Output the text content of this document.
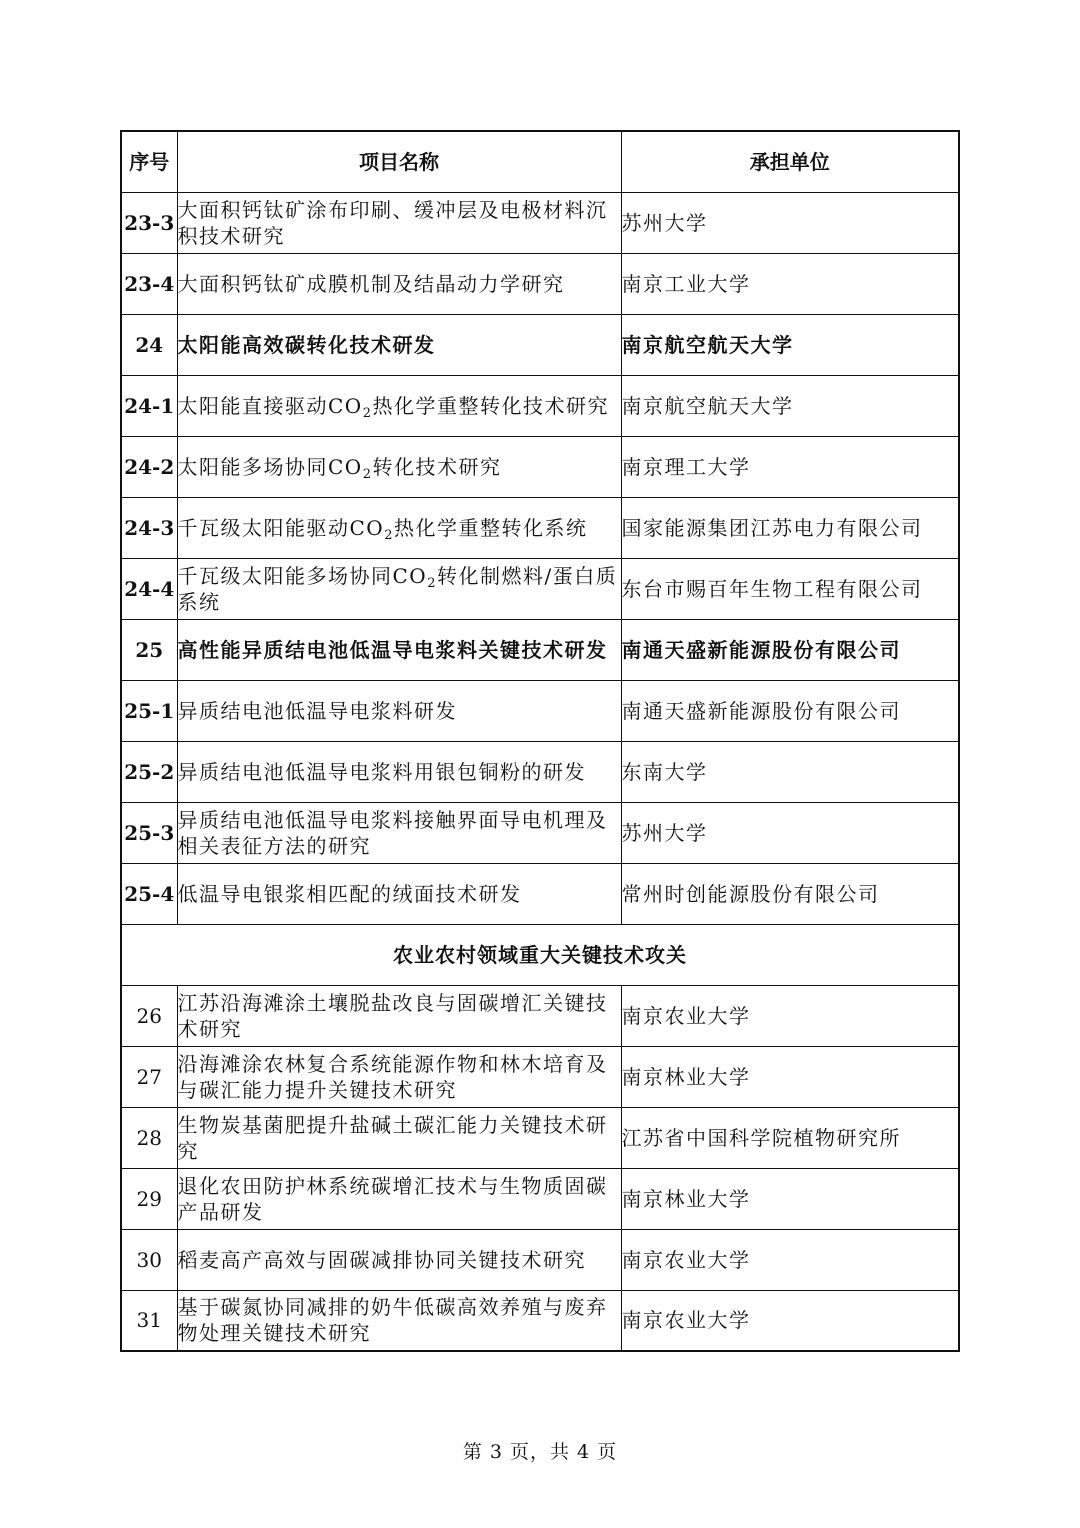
序号	项目名称	承担单位
23-3	大面积钙钛矿涂布印刷、缓冲层及电极材料沉积技术研究	苏州大学
23-4	大面积钙钛矿成膜机制及结晶动力学研究	南京工业大学
24	太阳能高效碳转化技术研发	南京航空航天大学
24-1	太阳能直接驱动$CO_2$热化学重整转化技术研究	南京航空航天大学
24-2	太阳能多场协同$CO_2$转化技术研究	南京理工大学
24-3	千瓦级太阳能驱动$CO_2$热化学重整转化系统	国家能源集团江苏电力有限公司
24-4	千瓦级太阳能多场协同$CO_2$转化制燃料/蛋白质系统	东台市赐百年生物工程有限公司
25	高性能异质结电池低温导电浆料关键技术研发	南通天盛新能源股份有限公司
25-1	异质结电池低温导电浆料研发	南通天盛新能源股份有限公司
25-2	异质结电池低温导电浆料用银包铜粉的研发	东南大学
25-3	异质结电池低温导电浆料接触界面导电机理及相关表征方法的研究	苏州大学
25-4	低温导电银浆相匹配的绒面技术研发	常州时创能源股份有限公司
农业农村领域重大关键技术攻关		
26	江苏沿海滩涂土壤脱盐改良与固碳增汇关键技术研究	南京农业大学
27	沿海滩涂农林复合系统能源作物和林木培育及与碳汇能力提升关键技术研究	南京林业大学
28	生物炭基菌肥提升盐碱土碳汇能力关键技术研究	江苏省中国科学院植物研究所
29	退化农田防护林系统碳增汇技术与生物质固碳产品研发	南京林业大学
30	稻麦高产高效与固碳减排协同关键技术研究	南京农业大学
31	基于碳氮协同减排的奶牛低碳高效养殖与废弃物处理关键技术研究	南京农业大学
第 3 页，共 4 页
